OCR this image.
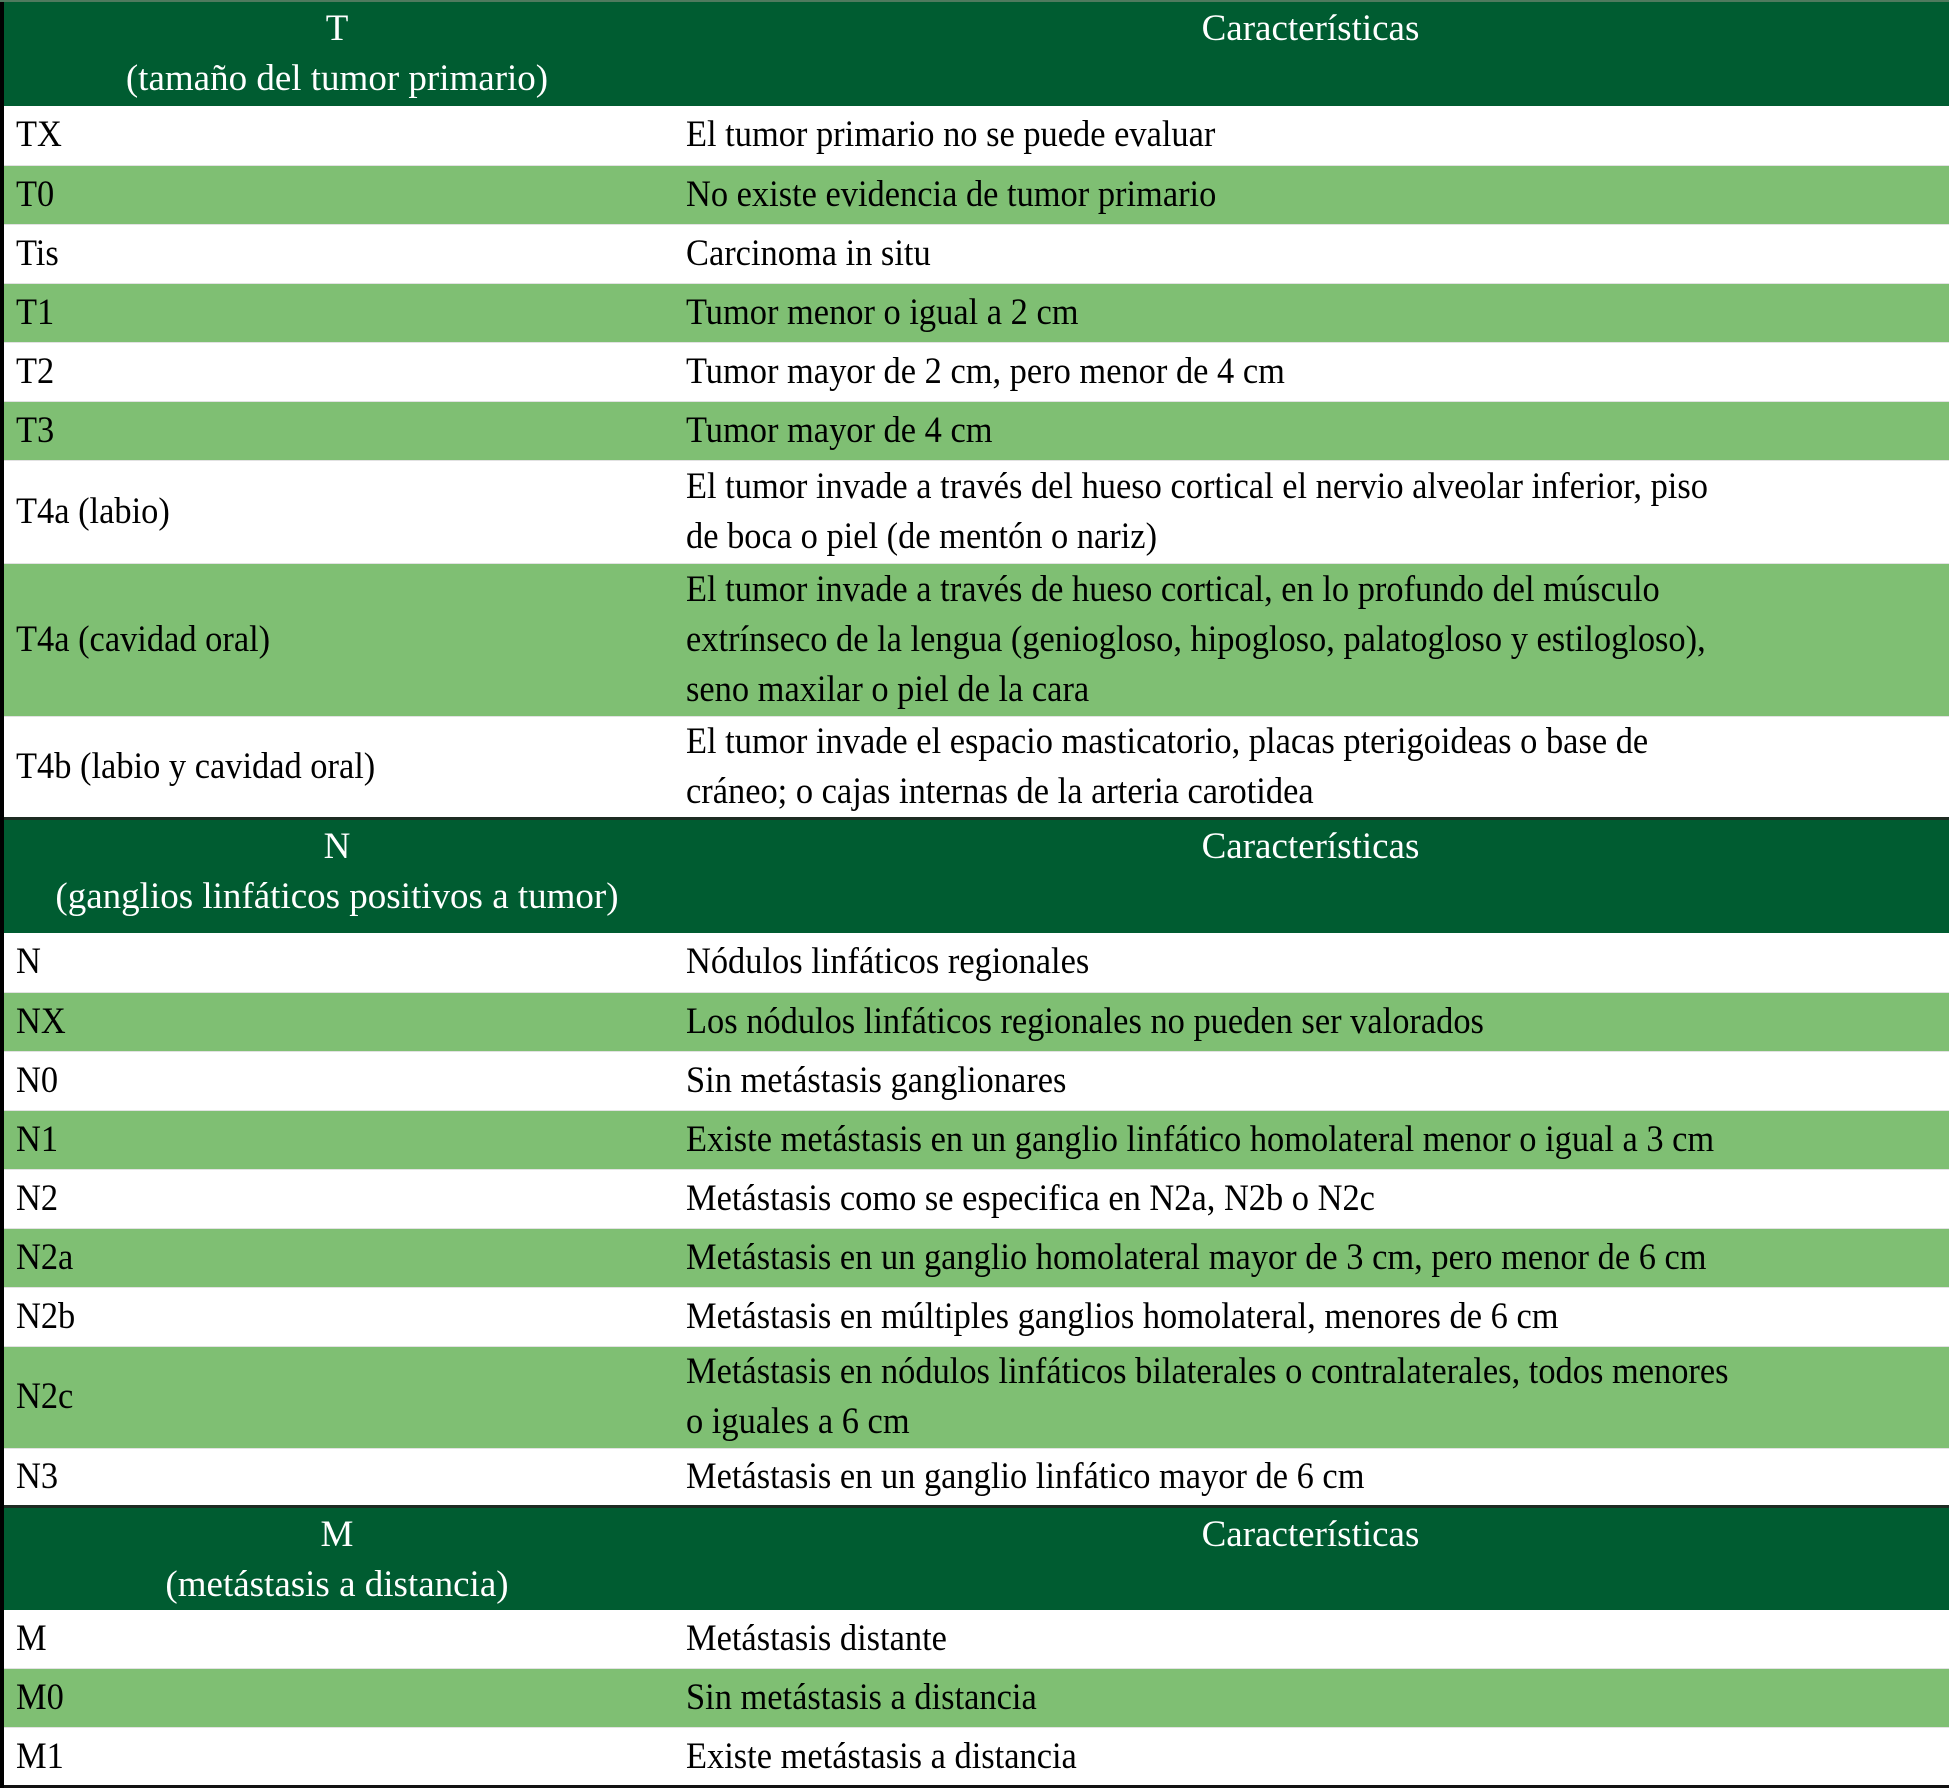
T
(tamaño del tumor primario)	Características

TX	El tumor primario no se puede evaluar

T0	No existe evidencia de tumor primario

Tis	Carcinoma in situ

T1	Tumor menor o igual a 2 cm

T2	Tumor mayor de 2 cm, pero menor de 4 cm

T3	Tumor mayor de 4 cm

T4a (labio)	El tumor invade a través del hueso cortical el nervio alveolar inferior, piso
de boca o piel (de mentón o nariz)

T4a (cavidad oral)	El tumor invade a través de hueso cortical, en lo profundo del músculo
extrínseco de la lengua (geniogloso, hipogloso, palatogloso y estilogloso),
seno maxilar o piel de la cara

T4b (labio y cavidad oral)	El tumor invade el espacio masticatorio, placas pterigoideas o base de
cráneo; o cajas internas de la arteria carotidea

N
(ganglios linfáticos positivos a tumor)	Características

N	Nódulos linfáticos regionales

NX	Los nódulos linfáticos regionales no pueden ser valorados

N0	Sin metástasis ganglionares

N1	Existe metástasis en un ganglio linfático homolateral menor o igual a 3 cm

N2	Metástasis como se especifica en N2a, N2b o N2c

N2a	Metástasis en un ganglio homolateral mayor de 3 cm, pero menor de 6 cm

N2b	Metástasis en múltiples ganglios homolateral, menores de 6 cm

N2c	Metástasis en nódulos linfáticos bilaterales o contralaterales, todos menores
o iguales a 6 cm

N3	Metástasis en un ganglio linfático mayor de 6 cm

M
(metástasis a distancia)	Características

M	Metástasis distante

M0	Sin metástasis a distancia

M1	Existe metástasis a distancia
